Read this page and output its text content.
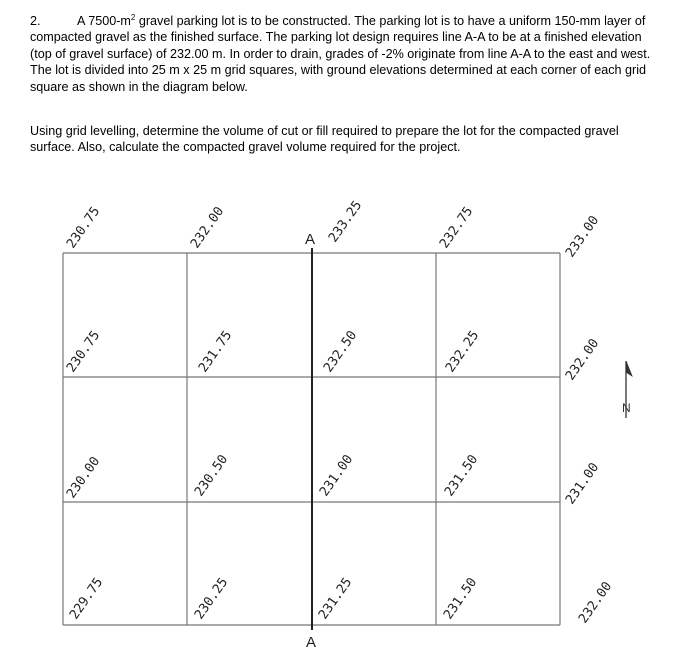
2.	A $7500-m^2$ gravel parking lot is to be constructed. The parking lot is to have a uniform 150-mm layer of compacted gravel as the finished surface. The parking lot design requires line A-A to be at a finished elevation (top of gravel surface) of 232.00 m. In order to drain, grades of -2% originate from line A-A to the east and west. The lot is divided into 25 m x 25 m grid squares, with ground elevations determined at each corner of each grid square as shown in the diagram below.

Using grid levelling, determine the volume of cut or fill required to prepare the lot for the compacted gravel surface. Also, calculate the compacted gravel volume required for the project.

A
A
230.75	232.00	233.25	232.75	233.00
230.75	231.75	232.50	232.25	232.00
230.00	230.50	231.00	231.50	231.00
229.75	230.25	231.25	231.50	232.00
N
